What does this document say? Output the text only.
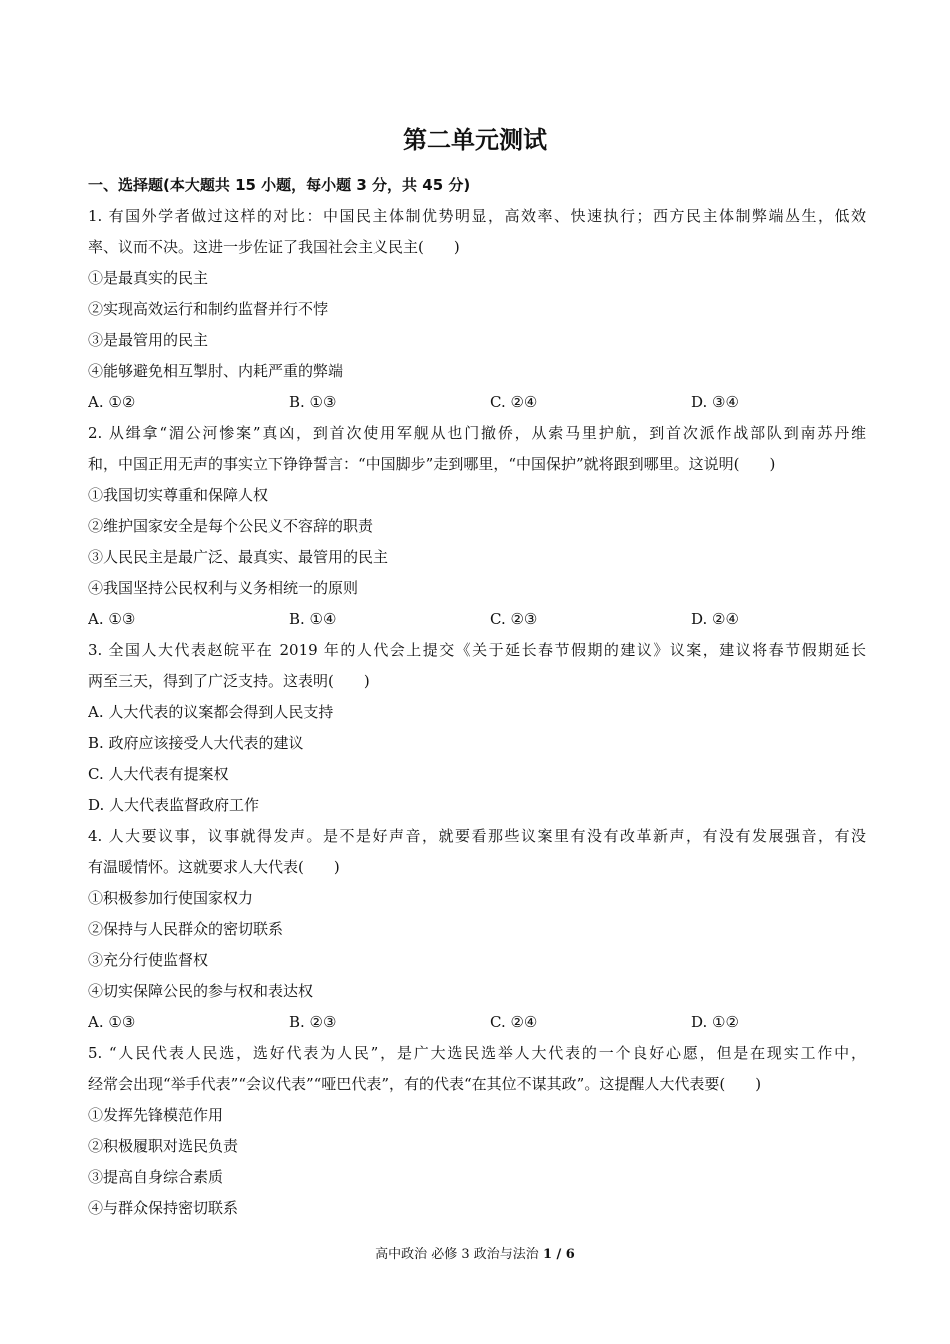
第二单元测试
一、选择题(本大题共 15 小题，每小题 3 分，共 45 分)
1. 有国外学者做过这样的对比：中国民主体制优势明显，高效率、快速执行；西方民主体制弊端丛生，低效
率、议而不决。这进一步佐证了我国社会主义民主(　　)
①是最真实的民主
②实现高效运行和制约监督并行不悖
③是最管用的民主
④能够避免相互掣肘、内耗严重的弊端
A. ①②	B. ①③	C. ②④	D. ③④
2. 从缉拿“湄公河惨案”真凶，到首次使用军舰从也门撤侨，从索马里护航，到首次派作战部队到南苏丹维
和，中国正用无声的事实立下铮铮誓言：“中国脚步”走到哪里，“中国保护”就将跟到哪里。这说明(　　)
①我国切实尊重和保障人权
②维护国家安全是每个公民义不容辞的职责
③人民民主是最广泛、最真实、最管用的民主
④我国坚持公民权利与义务相统一的原则
A. ①③	B. ①④	C. ②③	D. ②④
3. 全国人大代表赵皖平在 2019 年的人代会上提交《关于延长春节假期的建议》议案，建议将春节假期延长
两至三天，得到了广泛支持。这表明(　　)
A. 人大代表的议案都会得到人民支持
B. 政府应该接受人大代表的建议
C. 人大代表有提案权
D. 人大代表监督政府工作
4. 人大要议事，议事就得发声。是不是好声音，就要看那些议案里有没有改革新声，有没有发展强音，有没
有温暖情怀。这就要求人大代表(　　)
①积极参加行使国家权力
②保持与人民群众的密切联系
③充分行使监督权
④切实保障公民的参与权和表达权
A. ①③	B. ②③	C. ②④	D. ①②
5. “人民代表人民选，选好代表为人民”，是广大选民选举人大代表的一个良好心愿，但是在现实工作中，
经常会出现“举手代表”“会议代表”“哑巴代表”，有的代表“在其位不谋其政”。这提醒人大代表要(　　)
①发挥先锋模范作用
②积极履职对选民负责
③提高自身综合素质
④与群众保持密切联系
高中政治 必修 3 政治与法治 1 / 6
